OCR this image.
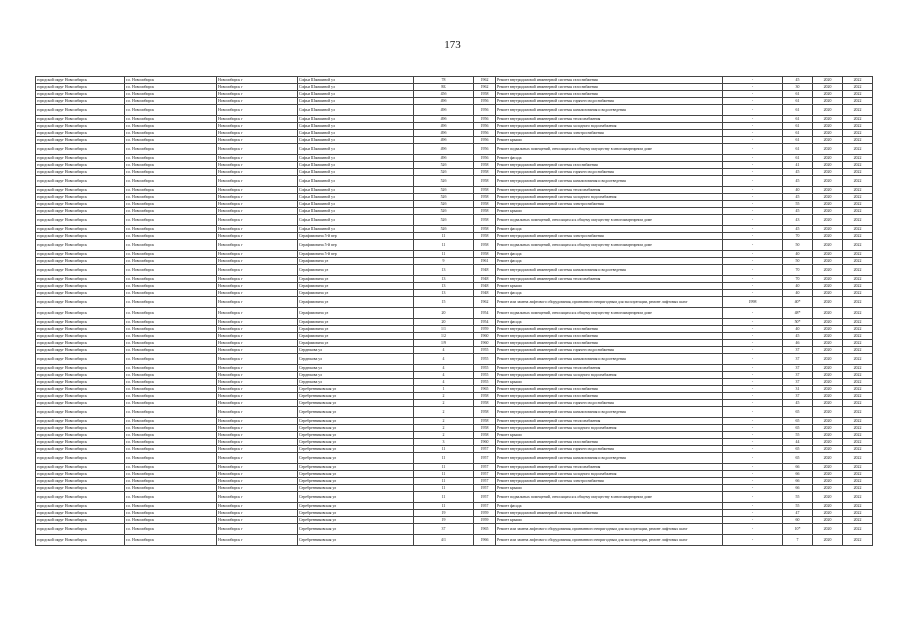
173
городской округ Новосибирск	г.о. Новосибирск	Новосибирск г	Софьи Шамшиной ул	78	1962	Ремонт внутридомовой инженерной системы газоснабжения	-	45	2020	2022
городской округ Новосибирск	г.о. Новосибирск	Новосибирск г	Софьи Шамшиной ул	8Б	1962	Ремонт внутридомовой инженерной системы газоснабжения	-	30	2020	2022
городской округ Новосибирск	г.о. Новосибирск	Новосибирск г	Софьи Шамшиной ул	45б	1958	Ремонт внутридомовой инженерной системы газоснабжения	-	61	2020	2022
городской округ Новосибирск	г.о. Новосибирск	Новосибирск г	Софьи Шамшиной ул	49б	1956	Ремонт внутридомовой инженерной системы горячего водоснабжения	-	61	2020	2022
городской округ Новосибирск	г.о. Новосибирск	Новосибирск г	Софьи Шамшиной ул	49б	1956	Ремонт внутридомовой инженерной системы канализования и водоотведения	-	61	2020	2022
городской округ Новосибирск	г.о. Новосибирск	Новосибирск г	Софьи Шамшиной ул	49б	1956	Ремонт внутридомовой инженерной системы теплоснабжения	-	61	2020	2022
городской округ Новосибирск	г.о. Новосибирск	Новосибирск г	Софьи Шамшиной ул	49б	1956	Ремонт внутридомовой инженерной системы холодного водоснабжения	-	61	2020	2022
городской округ Новосибирск	г.о. Новосибирск	Новосибирск г	Софьи Шамшиной ул	49б	1956	Ремонт внутридомовой инженерной системы электроснабжения	-	61	2020	2022
городской округ Новосибирск	г.о. Новосибирск	Новосибирск г	Софьи Шамшиной ул	49б	1956	Ремонт крыши	-	61	2020	2022
городской округ Новосибирск	г.о. Новосибирск	Новосибирск г	Софьи Шамшиной ул	49б	1956	Ремонт подвальных помещений, относящихся к общему имуществу в многоквартирном доме	-	61	2020	2022
городской округ Новосибирск	г.о. Новосибирск	Новосибирск г	Софьи Шамшиной ул	49б	1956	Ремонт фасада	-	61	2020	2022
городской округ Новосибирск	г.о. Новосибирск	Новосибирск г	Софьи Шамшиной ул	52б	1958	Ремонт внутридомовой инженерной системы газоснабжения	-	41	2020	2022
городской округ Новосибирск	г.о. Новосибирск	Новосибирск г	Софьи Шамшиной ул	52б	1958	Ремонт внутридомовой инженерной системы горячего водоснабжения	-	45	2020	2022
городской округ Новосибирск	г.о. Новосибирск	Новосибирск г	Софьи Шамшиной ул	52б	1958	Ремонт внутридомовой инженерной системы канализования и водоотведения	-	45	2020	2022
городской округ Новосибирск	г.о. Новосибирск	Новосибирск г	Софьи Шамшиной ул	52б	1958	Ремонт внутридомовой инженерной системы теплоснабжения	-	40	2020	2022
городской округ Новосибирск	г.о. Новосибирск	Новосибирск г	Софьи Шамшиной ул	52б	1958	Ремонт внутридомовой инженерной системы холодного водоснабжения	-	45	2020	2022
городской округ Новосибирск	г.о. Новосибирск	Новосибирск г	Софьи Шамшиной ул	52б	1958	Ремонт внутридомовой инженерной системы электроснабжения	-	55	2020	2022
городской округ Новосибирск	г.о. Новосибирск	Новосибирск г	Софьи Шамшиной ул	52б	1958	Ремонт крыши	-	45	2020	2022
городской округ Новосибирск	г.о. Новосибирск	Новосибирск г	Софьи Шамшиной ул	52б	1958	Ремонт подвальных помещений, относящихся к общему имуществу в многоквартирном доме	-	43	2020	2022
городской округ Новосибирск	г.о. Новосибирск	Новосибирск г	Софьи Шамшиной ул	52б	1958	Ремонт фасада	-	45	2020	2022
городской округ Новосибирск	г.о. Новосибирск	Новосибирск г	Серафимовича 5-й пер	11	1958	Ремонт внутридомовой инженерной системы электроснабжения	-	70	2020	2022
городской округ Новосибирск	г.о. Новосибирск	Новосибирск г	Серафимовича 5-й пер	11	1958	Ремонт подвальных помещений, относящихся к общему имуществу в многоквартирном доме	-	50	2020	2022
городской округ Новосибирск	г.о. Новосибирск	Новосибирск г	Серафимовича 5-й пер	11	1958	Ремонт фасада	-	40	2020	2022
городской округ Новосибирск	г.о. Новосибирск	Новосибирск г	Серафимовича ул	9	1961	Ремонт фасада	-	50	2020	2022
городской округ Новосибирск	г.о. Новосибирск	Новосибирск г	Серафимовича ул	13	1948	Ремонт внутридомовой инженерной системы канализования и водоотведения	-	70	2020	2022
городской округ Новосибирск	г.о. Новосибирск	Новосибирск г	Серафимовича ул	13	1948	Ремонт внутридомовой инженерной системы теплоснабжения	-	70	2020	2022
городской округ Новосибирск	г.о. Новосибирск	Новосибирск г	Серафимовича ул	13	1948	Ремонт крыши	-	40	2020	2022
городской округ Новосибирск	г.о. Новосибирск	Новосибирск г	Серафимовича ул	13	1948	Ремонт фасада	-	40	2020	2022
городской округ Новосибирск	г.о. Новосибирск	Новосибирск г	Серафимовича ул	15	1962	Ремонт или замена лифтового оборудования, признанного непригодным для эксплуатации, ремонт лифтовых шахт	1998	40*	2020	2022
городской округ Новосибирск	г.о. Новосибирск	Новосибирск г	Серафимовича ул	20	1954	Ремонт подвальных помещений, относящихся к общему имуществу в многоквартирном доме	-	48*	2020	2022
городской округ Новосибирск	г.о. Новосибирск	Новосибирск г	Серафимовича ул	20	1954	Ремонт фасада	-	50*	2020	2022
городской округ Новосибирск	г.о. Новосибирск	Новосибирск г	Серафимовича ул	1/1	1959	Ремонт внутридомовой инженерной системы газоснабжения	-	40	2020	2022
городской округ Новосибирск	г.о. Новосибирск	Новосибирск г	Серафимовича ул	1/2	1960	Ремонт внутридомовой инженерной системы газоснабжения	-	45	2020	2022
городской округ Новосибирск	г.о. Новосибирск	Новосибирск г	Серафимовича ул	1/9	1960	Ремонт внутридомовой инженерной системы газоснабжения	-	46	2020	2022
городской округ Новосибирск	г.о. Новосибирск	Новосибирск г	Сердюкова ул	4	1955	Ремонт внутридомовой инженерной системы горячего водоснабжения	-	37	2020	2022
городской округ Новосибирск	г.о. Новосибирск	Новосибирск г	Сердюкова ул	4	1955	Ремонт внутридомовой инженерной системы канализования и водоотведения	-	37	2020	2022
городской округ Новосибирск	г.о. Новосибирск	Новосибирск г	Сердюкова ул	4	1955	Ремонт внутридомовой инженерной системы теплоснабжения	-	37	2020	2022
городской округ Новосибирск	г.о. Новосибирск	Новосибирск г	Сердюкова ул	4	1955	Ремонт внутридомовой инженерной системы холодного водоснабжения	-	37	2020	2022
городской округ Новосибирск	г.о. Новосибирск	Новосибирск г	Сердюкова ул	4	1955	Ремонт крыши	-	37	2020	2022
городской округ Новосибирск	г.о. Новосибирск	Новосибирск г	Серебренниковская ул	1	1965	Ремонт внутридомовой инженерной системы газоснабжения	-	31	2020	2022
городской округ Новосибирск	г.о. Новосибирск	Новосибирск г	Серебренниковская ул	2	1958	Ремонт внутридомовой инженерной системы газоснабжения	-	37	2020	2022
городской округ Новосибирск	г.о. Новосибирск	Новосибирск г	Серебренниковская ул	2	1958	Ремонт внутридомовой инженерной системы горячего водоснабжения	-	45	2020	2022
городской округ Новосибирск	г.о. Новосибирск	Новосибирск г	Серебренниковская ул	2	1958	Ремонт внутридомовой инженерной системы канализования и водоотведения	-	65	2020	2022
городской округ Новосибирск	г.о. Новосибирск	Новосибирск г	Серебренниковская ул	2	1958	Ремонт внутридомовой инженерной системы теплоснабжения	-	65	2020	2022
городской округ Новосибирск	г.о. Новосибирск	Новосибирск г	Серебренниковская ул	2	1958	Ремонт внутридомовой инженерной системы холодного водоснабжения	-	65	2020	2022
городской округ Новосибирск	г.о. Новосибирск	Новосибирск г	Серебренниковская ул	2	1958	Ремонт крыши	-	55	2020	2022
городской округ Новосибирск	г.о. Новосибирск	Новосибирск г	Серебренниковская ул	3	1960	Ремонт внутридомовой инженерной системы газоснабжения	-	44	2020	2022
городской округ Новосибирск	г.о. Новосибирск	Новосибирск г	Серебренниковская ул	11	1957	Ремонт внутридомовой инженерной системы горячего водоснабжения	-	65	2020	2022
городской округ Новосибирск	г.о. Новосибирск	Новосибирск г	Серебренниковская ул	11	1957	Ремонт внутридомовой инженерной системы канализования и водоотведения	-	65	2020	2022
городской округ Новосибирск	г.о. Новосибирск	Новосибирск г	Серебренниковская ул	11	1957	Ремонт внутридомовой инженерной системы теплоснабжения	-	66	2020	2022
городской округ Новосибирск	г.о. Новосибирск	Новосибирск г	Серебренниковская ул	11	1957	Ремонт внутридомовой инженерной системы холодного водоснабжения	-	66	2020	2022
городской округ Новосибирск	г.о. Новосибирск	Новосибирск г	Серебренниковская ул	11	1957	Ремонт внутридомовой инженерной системы электроснабжения	-	66	2020	2022
городской округ Новосибирск	г.о. Новосибирск	Новосибирск г	Серебренниковская ул	11	1957	Ремонт крыши	-	66	2020	2022
городской округ Новосибирск	г.о. Новосибирск	Новосибирск г	Серебренниковская ул	11	1957	Ремонт подвальных помещений, относящихся к общему имуществу в многоквартирном доме	-	55	2020	2022
городской округ Новосибирск	г.о. Новосибирск	Новосибирск г	Серебренниковская ул	11	1957	Ремонт фасада	-	55	2020	2022
городской округ Новосибирск	г.о. Новосибирск	Новосибирск г	Серебренниковская ул	19	1959	Ремонт внутридомовой инженерной системы газоснабжения	-	47	2020	2022
городской округ Новосибирск	г.о. Новосибирск	Новосибирск г	Серебренниковская ул	19	1959	Ремонт крыши	-	60	2020	2022
городской округ Новосибирск	г.о. Новосибирск	Новосибирск г	Серебренниковская ул	37	1965	Ремонт или замена лифтового оборудования, признанного непригодным для эксплуатации, ремонт лифтовых шахт	-	10*	2020	2022
городской округ Новосибирск	г.о. Новосибирск	Новосибирск г	Серебренниковская ул	4/1	1966	Ремонт или замена лифтового оборудования, признанного непригодным для эксплуатации, ремонт лифтовых шахт	-	7	2020	2022
